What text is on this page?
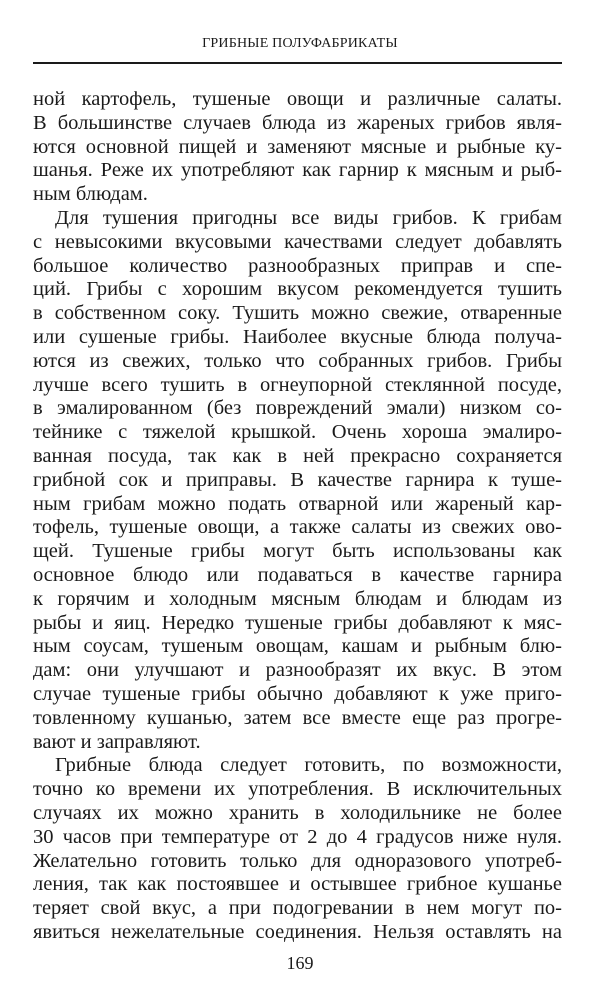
ГРИБНЫЕ ПОЛУФАБРИКАТЫ
ной картофель, тушеные овощи и различные салаты.
В большинстве случаев блюда из жареных грибов явля-
ются основной пищей и заменяют мясные и рыбные ку-
шанья. Реже их употребляют как гарнир к мясным и рыб-
ным блюдам.
Для тушения пригодны все виды грибов. К грибам
с невысокими вкусовыми качествами следует добавлять
большое количество разнообразных приправ и спе-
ций. Грибы с хорошим вкусом рекомендуется тушить
в собственном соку. Тушить можно свежие, отваренные
или сушеные грибы. Наиболее вкусные блюда получа-
ются из свежих, только что собранных грибов. Грибы
лучше всего тушить в огнеупорной стеклянной посуде,
в эмалированном (без повреждений эмали) низком со-
тейнике с тяжелой крышкой. Очень хороша эмалиро-
ванная посуда, так как в ней прекрасно сохраняется
грибной сок и приправы. В качестве гарнира к туше-
ным грибам можно подать отварной или жареный кар-
тофель, тушеные овощи, а также салаты из свежих ово-
щей. Тушеные грибы могут быть использованы как
основное блюдо или подаваться в качестве гарнира
к горячим и холодным мясным блюдам и блюдам из
рыбы и яиц. Нередко тушеные грибы добавляют к мяс-
ным соусам, тушеным овощам, кашам и рыбным блю-
дам: они улучшают и разнообразят их вкус. В этом
случае тушеные грибы обычно добавляют к уже приго-
товленному кушанью, затем все вместе еще раз прогре-
вают и заправляют.
Грибные блюда следует готовить, по возможности,
точно ко времени их употребления. В исключительных
случаях их можно хранить в холодильнике не более
30 часов при температуре от 2 до 4 градусов ниже нуля.
Желательно готовить только для одноразового употреб-
ления, так как постоявшее и остывшее грибное кушанье
теряет свой вкус, а при подогревании в нем могут по-
явиться нежелательные соединения. Нельзя оставлять на
169
